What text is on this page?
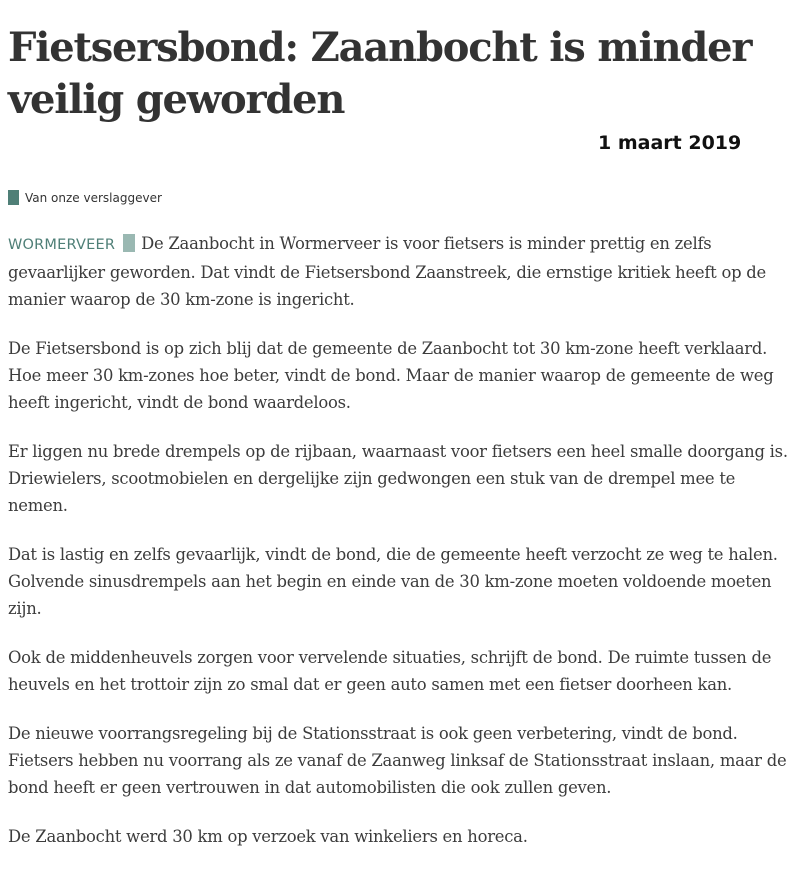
Fietsersbond: Zaanbocht is minder veilig geworden
1 maart 2019
Van onze verslaggever

WORMERVEER De Zaanbocht in Wormerveer is voor fietsers is minder prettig en zelfs gevaarlijker geworden. Dat vindt de Fietsersbond Zaanstreek, die ernstige kritiek heeft op de manier waarop de 30 km-zone is ingericht.

De Fietsersbond is op zich blij dat de gemeente de Zaanbocht tot 30 km-zone heeft verklaard. Hoe meer 30 km-zones hoe beter, vindt de bond. Maar de manier waarop de gemeente de weg heeft ingericht, vindt de bond waardeloos.

Er liggen nu brede drempels op de rijbaan, waarnaast voor fietsers een heel smalle doorgang is. Driewielers, scootmobielen en dergelijke zijn gedwongen een stuk van de drempel mee te nemen.

Dat is lastig en zelfs gevaarlijk, vindt de bond, die de gemeente heeft verzocht ze weg te halen. Golvende sinusdrempels aan het begin en einde van de 30 km-zone moeten voldoende moeten zijn.

Ook de middenheuvels zorgen voor vervelende situaties, schrijft de bond. De ruimte tussen de heuvels en het trottoir zijn zo smal dat er geen auto samen met een fietser doorheen kan.

De nieuwe voorrangsregeling bij de Stationsstraat is ook geen verbetering, vindt de bond. Fietsers hebben nu voorrang als ze vanaf de Zaanweg linksaf de Stationsstraat inslaan, maar de bond heeft er geen vertrouwen in dat automobilisten die ook zullen geven.

De Zaanbocht werd 30 km op verzoek van winkeliers en horeca.
